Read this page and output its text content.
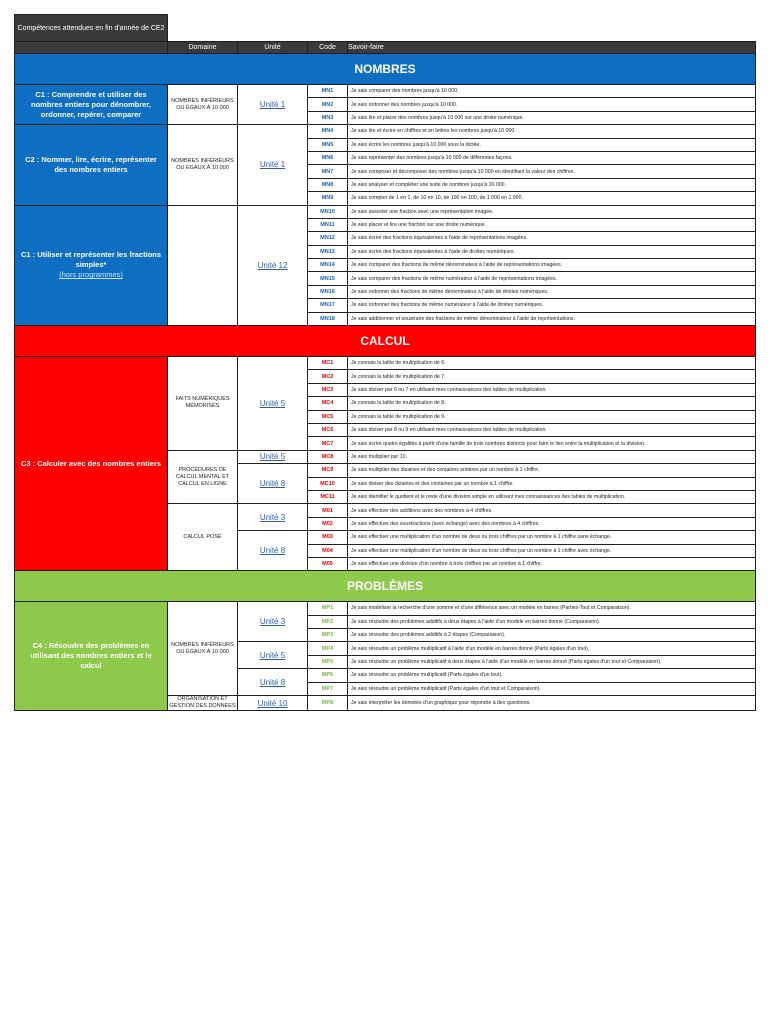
Compétences attendues en fin d'année de CE2				
	Domaine	Unité	Code	Savoir-faire
NOMBRES				
C1 : Comprendre et utiliser des nombres entiers pour dénombrer, ordonner, repérer, comparer	NOMBRES INFÉRIEURS OU ÉGAUX À 10 000	Unité 1	MN1	Je sais comparer des nombres jusqu'à 10 000.
			MN2	Je sais ordonner des nombres jusqu'à 10 000.
			MN3	Je sais lire et placer des nombres jusqu'à 10 000 sur une droite numérique.
C2 : Nommer, lire, écrire, représenter des nombres entiers	NOMBRES INFÉRIEURS OU ÉGAUX À 10 000	Unité 1	MN4	Je sais lire et écrire en chiffres et en lettres les nombres jusqu'à 10 000.
			MN5	Je sais écrire les nombres jusqu'à 10 000 sous la dictée.
			MN6	Je sais représenter des nombres jusqu'à 10 000 de différentes façons.
			MN7	Je sais composer et décomposer des nombres jusqu'à 10 000 en identifiant la valeur des chiffres.
			MN8	Je sais analyser et compléter une suite de nombres jusqu'à 10 000.
			MN9	Je sais compter de 1 en 1, de 10 en 10, de 100 en 100, de 1 000 en 1 000.
C1 : Utiliser et représenter les fractions simples*
(hors programmes)		Unité 12	MN10	Je sais associer une fraction avec une représentation imagée.
			MN11	Je sais placer et lire une fraction sur une droite numérique.
			MN12	Je sais écrire des fractions équivalentes à l'aide de représentations imagées.
			MN13	Je sais écrire des fractions équivalentes à l'aide de droites numériques.
			MN14	Je sais comparer des fractions de même dénominateur à l'aide de représentations imagées.
			MN15	Je sais comparer des fractions de même numérateur à l'aide de représentations imagées.
			MN16	Je sais ordonner des fractions de même dénominateur à l'aide de droites numériques.
			MN17	Je sais ordonner des fractions de même numérateur à l'aide de droites numériques.
			MN18	Je sais additionner et soustraire des fractions de même dénominateur à l'aide de représentations.
CALCUL				
C3 : Calculer avec des nombres entiers	FAITS NUMÉRIQUES MÉMORISÉS	Unité 5	MC1	Je connais la table de multiplication de 6.
			MC2	Je connais la table de multiplication de 7.
			MC3	Je sais diviser par 6 ou 7 en utilisant mes connaissances des tables de multiplication.
			MC4	Je connais la table de multiplication de 8.
			MC5	Je connais la table de multiplication de 9.
			MC6	Je sais diviser par 8 ou 9 en utilisant mes connaissances des tables de multiplication.
			MC7	Je sais écrire quatre égalités à partir d'une famille de trois nombres distincts pour faire le lien entre la multiplication et la division.
	PROCÉDURES DE CALCUL MENTAL ET CALCUL EN LIGNE	Unité 5	MC8	Je sais multiplier par 10.
		Unité 8	MC9	Je sais multiplier des dizaines et des centaines entières par un nombre à 1 chiffre.
			MC10	Je sais diviser des dizaines et des centaines par un nombre à 1 chiffre.
			MC11	Je sais identifier le quotient et le reste d'une division simple en utilisant mes connaissances des tables de multiplication.
	CALCUL POSÉ	Unité 3	M01	Je sais effectuer des additions avec des nombres à 4 chiffres.
			M02	Je sais effectuer des soustractions (avec échange) avec des nombres à 4 chiffres.
		Unité 8	M03	Je sais effectuer une multiplication d'un nombre de deux ou trois chiffres par un nombre à 1 chiffre sans échange.
			M04	Je sais effectuer une multiplication d'un nombre de deux ou trois chiffres par un nombre à 1 chiffre avec échange.
			M05	Je sais effectuer une division d'un nombre à trois chiffres par un nombre à 1 chiffre.
PROBLÈMES				
C4 : Résoudre des problèmes en utilisant des nombres entiers et le calcul	NOMBRES INFÉRIEURS OU ÉGAUX À 10 000	Unité 3	MP1	Je sais modéliser la recherche d'une somme et d'une différence avec un modèle en barres (Parties-Tout et Comparaison).
			MP2	Je sais résoudre des problèmes additifs à deux étapes à l'aide d'un modèle en barres donné (Comparaison).
			MP3	Je sais résoudre des problèmes additifs à 2 étapes (Comparaison).
		Unité 5	MP4	Je sais résoudre un problème multiplicatif à l'aide d'un modèle en barres donné (Parts égales d'un tout).
			MP5	Je sais résoudre un problème multiplicatif à deux étapes à l'aide d'un modèle en barres donné (Parts égales d'un tout et Comparaison).
		Unité 8	MP6	Je sais résoudre un problème multiplicatif (Parts égales d'un tout).
			MP7	Je sais résoudre un problème multiplicatif (Parts égales d'un tout et Comparaison).
	ORGANISATION ET GESTION DES DONNÉES	Unité 10	MP8	Je sais interpréter les données d'un graphique pour répondre à des questions.
